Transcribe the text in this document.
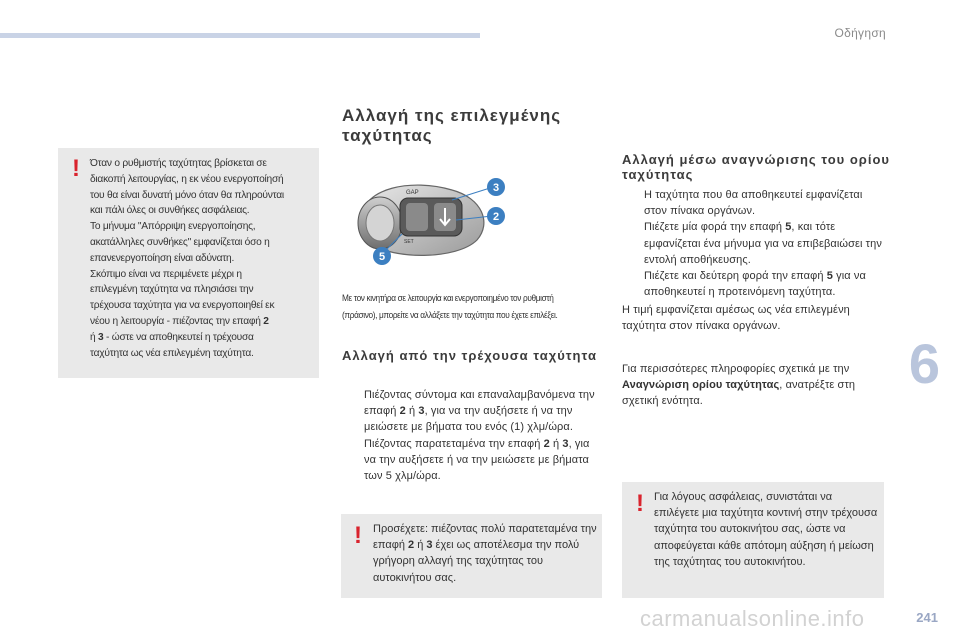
Οδήγηση
6
! Όταν ο ρυθμιστής ταχύτητας βρίσκεται σε
διακοπή λειτουργίας, η εκ νέου ενεργοποίησή
του θα είναι δυνατή μόνο όταν θα πληρούνται
και πάλι όλες οι συνθήκες ασφάλειας.
Το μήνυμα "Απόρριψη ενεργοποίησης,
ακατάλληλες συνθήκες" εμφανίζεται όσο η
επανενεργοποίηση είναι αδύνατη.
Σκόπιμο είναι να περιμένετε μέχρι η
επιλεγμένη ταχύτητα να πλησιάσει την
τρέχουσα ταχύτητα για να ενεργοποιηθεί εκ
νέου η λειτουργία - πιέζοντας την επαφή 2
ή 3 - ώστε να αποθηκευτεί η τρέχουσα
ταχύτητα ως νέα επιλεγμένη ταχύτητα.
Αλλαγή της επιλεγμένης ταχύτητας
GAP
SET
3
2
5
Με τον κινητήρα σε λειτουργία και ενεργοποιημένο τον ρυθμιστή
(πράσινο), μπορείτε να αλλάξετε την ταχύτητα που έχετε επιλέξει.
Αλλαγή από την τρέχουσα ταχύτητα
Πιέζοντας σύντομα και επαναλαμβανόμενα την επαφή 2 ή 3, για να την αυξήσετε ή να την μειώσετε με βήματα του ενός (1) χλμ/ώρα.
Πιέζοντας παρατεταμένα την επαφή 2 ή 3, για να την αυξήσετε ή να την μειώσετε με βήματα των 5 χλμ/ώρα.
! Προσέχετε: πιέζοντας πολύ παρατεταμένα την επαφή 2 ή 3 έχει ως αποτέλεσμα την πολύ γρήγορη αλλαγή της ταχύτητας του αυτοκινήτου σας.
Αλλαγή μέσω αναγνώρισης του ορίου ταχύτητας
Η ταχύτητα που θα αποθηκευτεί εμφανίζεται στον πίνακα οργάνων.
Πιέζετε μία φορά την επαφή 5, και τότε εμφανίζεται ένα μήνυμα για να επιβεβαιώσει την εντολή αποθήκευσης.
Πιέζετε και δεύτερη φορά την επαφή 5 για να αποθηκευτεί η προτεινόμενη ταχύτητα.
Η τιμή εμφανίζεται αμέσως ως νέα επιλεγμένη ταχύτητα στον πίνακα οργάνων.
Για περισσότερες πληροφορίες σχετικά με την Αναγνώριση ορίου ταχύτητας, ανατρέξτε στη σχετική ενότητα.
! Για λόγους ασφάλειας, συνιστάται να επιλέγετε μια ταχύτητα κοντινή στην τρέχουσα ταχύτητα του αυτοκινήτου σας, ώστε να αποφεύγεται κάθε απότομη αύξηση ή μείωση της ταχύτητας του αυτοκινήτου.
carmanualsonline.info	241
